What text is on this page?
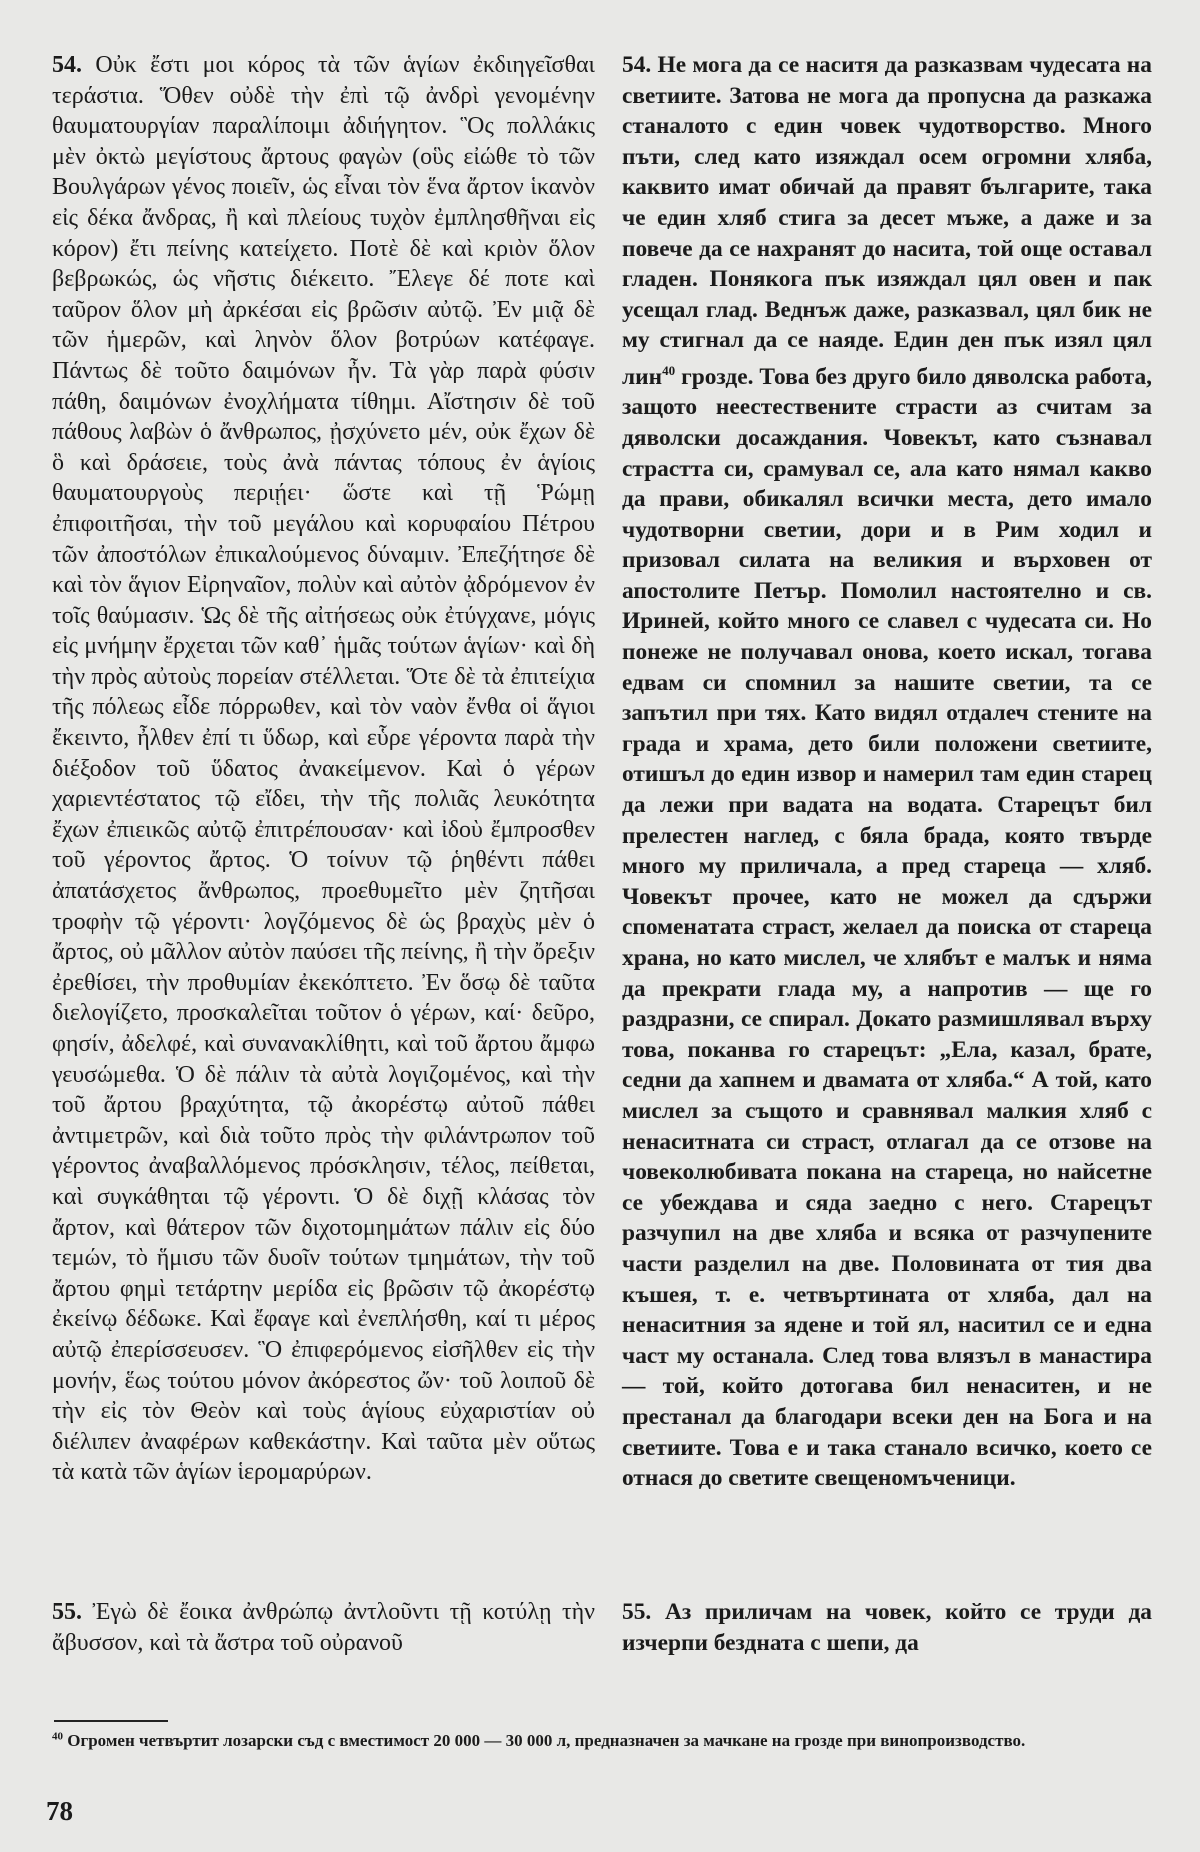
54. Οὐκ ἔστι μοι κόρος τὰ τῶν ἁγίων ἐκδιηγεῖσθαι τεράστια. Ὅθεν οὐδὲ τὴν ἐπὶ τῷ ἀνδρὶ γενομένην θαυματουργίαν παραλίποιμι ἀδιήγητον. Ὃς πολλάκις μὲν ὀκτὼ μεγίστους ἄρτους φαγὼν (οὓς εἰώθε τὸ τῶν Βουλγάρων γένος ποιεῖν, ὡς εἶναι τὸν ἕνα ἄρτον ἱκανὸν εἰς δέκα ἄνδρας, ἢ καὶ πλείους τυχὸν ἐμπλησθῆναι εἰς κόρον) ἔτι πείνης κατείχετο. Ποτὲ δὲ καὶ κριὸν ὅλον βεβρωκώς, ὡς νῆστις διέκειτο. Ἔλεγε δέ ποτε καὶ ταῦρον ὅλον μὴ ἀρκέσαι εἰς βρῶσιν αὐτῷ. Ἐν μιᾷ δὲ τῶν ἡμερῶν, καὶ ληνὸν ὅλον βοτρύων κατέφαγε. Πάντως δὲ τοῦτο δαιμόνων ἦν. Τὰ γὰρ παρὰ φύσιν πάθη, δαιμόνων ἐνοχλήματα τίθημι. Αἴστησιν δὲ τοῦ πάθους λαβὼν ὁ ἄνθρωπος, ᾐσχύνετο μέν, οὐκ ἔχων δὲ ὃ καὶ δράσειε, τοὺς ἀνὰ πάντας τόπους ἐν ἁγίοις θαυματουργοὺς περιῄει· ὥστε καὶ τῇ Ῥώμῃ ἐπιφοιτῆσαι, τὴν τοῦ μεγάλου καὶ κορυφαίου Πέτρου τῶν ἀποστόλων ἐπικαλούμενος δύναμιν. Ἐπεζήτησε δὲ καὶ τὸν ἅγιον Εἰρηναῖον, πολὺν καὶ αὐτὸν ᾀδρόμενον ἐν τοῖς θαύμασιν. Ὡς δὲ τῆς αἰτήσεως οὐκ ἐτύγχανε, μόγις εἰς μνήμην ἔρχεται τῶν καθ᾽ ἡμᾶς τούτων ἁγίων· καὶ δὴ τὴν πρὸς αὐτοὺς πορείαν στέλλεται. Ὅτε δὲ τὰ ἐπιτείχια τῆς πόλεως εἶδε πόρρωθεν, καὶ τὸν ναὸν ἔνθα οἱ ἅγιοι ἔκειντο, ἦλθεν ἐπί τι ὕδωρ, καὶ εὗρε γέροντα παρὰ τὴν διέξοδον τοῦ ὕδατος ἀνακείμενον. Καὶ ὁ γέρων χαριεντέστατος τῷ εἴδει, τὴν τῆς πολιᾶς λευκότητα ἔχων ἐπιεικῶς αὐτῷ ἐπιτρέπουσαν· καὶ ἰδοὺ ἔμπροσθεν τοῦ γέροντος ἄρτος. Ὁ τοίνυν τῷ ῥηθέντι πάθει ἀπατάσχετος ἄνθρωπος, προεθυμεῖτο μὲν ζητῆσαι τροφὴν τῷ γέροντι· λογζόμενος δὲ ὡς βραχὺς μὲν ὁ ἄρτος, οὐ μᾶλλον αὐτὸν παύσει τῆς πείνης, ἢ τὴν ὄρεξιν ἐρεθίσει, τὴν προθυμίαν ἐκεκόπτετο. Ἐν ὅσῳ δὲ ταῦτα διελογίζετο, προσκαλεῖται τοῦτον ὁ γέρων, καί· δεῦρο, φησίν, ἀδελφέ, καὶ συνανακλίθητι, καὶ τοῦ ἄρτου ἄμφω γευσώμεθα. Ὁ δὲ πάλιν τὰ αὐτὰ λογιζομένος, καὶ τὴν τοῦ ἄρτου βραχύτητα, τῷ ἀκορέστῳ αὐτοῦ πάθει ἀντιμετρῶν, καὶ διὰ τοῦτο πρὸς τὴν φιλάντρωπον τοῦ γέροντος ἀναβαλλόμενος πρόσκλησιν, τέλος, πείθεται, καὶ συγκάθηται τῷ γέροντι. Ὁ δὲ διχῇ κλάσας τὸν ἄρτον, καὶ θάτερον τῶν διχοτομημάτων πάλιν εἰς δύο τεμών, τὸ ἥμισυ τῶν δυοῖν τούτων τμημάτων, τὴν τοῦ ἄρτου φημὶ τετάρτην μερίδα εἰς βρῶσιν τῷ ἀκορέστῳ ἐκείνῳ δέδωκε. Καὶ ἔφαγε καὶ ἐνεπλήσθη, καί τι μέρος αὐτῷ ἐπερίσσευσεν. Ὃ ἐπιφερόμενος εἰσῆλθεν εἰς τὴν μονήν, ἕως τούτου μόνον ἀκόρεστος ὤν· τοῦ λοιποῦ δὲ τὴν εἰς τὸν Θεὸν καὶ τοὺς ἁγίους εὐχαριστίαν οὐ διέλιπεν ἀναφέρων καθεκάστην. Καὶ ταῦτα μὲν οὕτως τὰ κατὰ τῶν ἁγίων ἱερομαρύρων.

54. Не мога да се наситя да разказвам чудесата на светиите. Затова не мога да пропусна да разкажа станалото с един човек чудотворство. Много пъти, след като изяждал осем огромни хляба, каквито имат обичай да правят българите, така че един хляб стига за десет мъже, а даже и за повече да се нахранят до насита, той още оставал гладен. Понякога пък изяждал цял овен и пак усещал глад. Веднъж даже, разказвал, цял бик не му стигнал да се наяде. Един ден пък изял цял лин$^{40}$ грозде. Това без друго било дяволска работа, защото неестествените страсти аз считам за дяволски досаждания. Човекът, като съзнавал страстта си, срамувал се, ала като нямал какво да прави, обикалял всички места, дето имало чудотворни светии, дори и в Рим ходил и призовал силата на великия и върховен от апостолите Петър. Помолил настоятелно и св. Ириней, който много се славел с чудесата си. Но понеже не получавал онова, което искал, тогава едвам си спомнил за нашите светии, та се запътил при тях. Като видял отдалеч стените на града и храма, дето били положени светиите, отишъл до един извор и намерил там един старец да лежи при вадата на водата. Старецът бил прелестен наглед, с бяла брада, която твърде много му приличала, а пред стареца — хляб. Човекът прочее, като не можел да сдържи споменатата страст, желаел да поиска от стареца храна, но като мислел, че хлябът е малък и няма да прекрати глада му, а напротив — ще го раздразни, се спирал. Докато размишлявал върху това, поканва го старецът: „Ела, казал, брате, седни да хапнем и двамата от хляба.“ А той, като мислел за същото и сравнявал малкия хляб с ненаситната си страст, отлагал да се отзове на човеколюбивата покана на стареца, но найсетне се убеждава и сяда заедно с него. Старецът разчупил на две хляба и всяка от разчупените части разделил на две. Половината от тия два къшея, т. е. четвъртината от хляба, дал на ненаситния за ядене и той ял, наситил се и една част му останала. След това влязъл в манастира — той, който дотогава бил ненаситен, и не престанал да благодари всеки ден на Бога и на светиите. Това е и така станало всичко, което се отнася до светите свещеномъченици.

55. Ἐγὼ δὲ ἔοικα ἀνθρώπῳ ἀντλοῦντι τῇ κοτύλῃ τὴν ἄβυσσον, καὶ τὰ ἄστρα τοῦ οὐρανοῦ
55. Аз приличам на човек, който се труди да изчерпи бездната с шепи, да
$^{40}$ Огромен четвъртит лозарски съд с вместимост 20 000 — 30 000 л, предназначен за мачкане на грозде при винопроизводство.
78
